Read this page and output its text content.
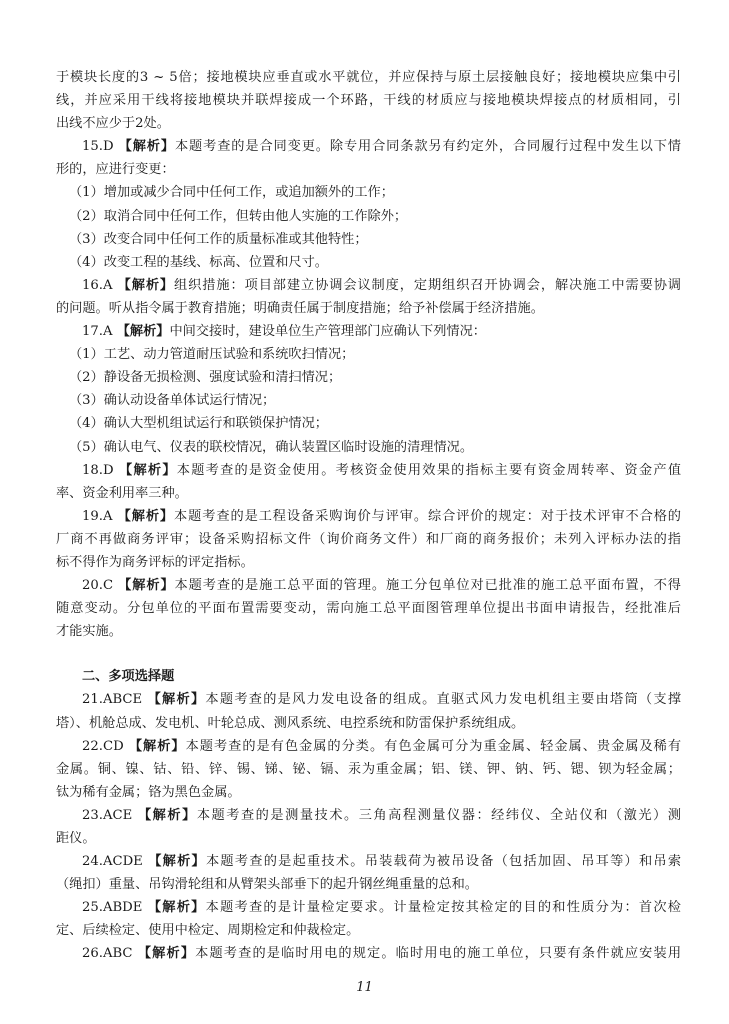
于模块长度的3 ~ 5倍；接地模块应垂直或水平就位，并应保持与原土层接触良好；接地模块应集中引
线，并应采用干线将接地模块并联焊接成一个环路，干线的材质应与接地模块焊接点的材质相同，引
出线不应少于2处。
15.D 【解析】本题考查的是合同变更。除专用合同条款另有约定外，合同履行过程中发生以下情
形的，应进行变更：
（1）增加或减少合同中任何工作，或追加额外的工作；
（2）取消合同中任何工作，但转由他人实施的工作除外；
（3）改变合同中任何工作的质量标准或其他特性；
（4）改变工程的基线、标高、位置和尺寸。
16.A 【解析】组织措施：项目部建立协调会议制度，定期组织召开协调会，解决施工中需要协调
的问题。听从指令属于教育措施；明确责任属于制度措施；给予补偿属于经济措施。
17.A 【解析】中间交接时，建设单位生产管理部门应确认下列情况：
（1）工艺、动力管道耐压试验和系统吹扫情况；
（2）静设备无损检测、强度试验和清扫情况；
（3）确认动设备单体试运行情况；
（4）确认大型机组试运行和联锁保护情况；
（5）确认电气、仪表的联校情况，确认装置区临时设施的清理情况。
18.D 【解析】本题考查的是资金使用。考核资金使用效果的指标主要有资金周转率、资金产值
率、资金利用率三种。
19.A 【解析】本题考查的是工程设备采购询价与评审。综合评价的规定：对于技术评审不合格的
厂商不再做商务评审；设备采购招标文件（询价商务文件）和厂商的商务报价；未列入评标办法的指
标不得作为商务评标的评定指标。
20.C 【解析】本题考查的是施工总平面的管理。施工分包单位对已批准的施工总平面布置，不得
随意变动。分包单位的平面布置需要变动，需向施工总平面图管理单位提出书面申请报告，经批准后
才能实施。
二、多项选择题
21.ABCE 【解析】本题考查的是风力发电设备的组成。直驱式风力发电机组主要由塔筒（支撑
塔）、机舱总成、发电机、叶轮总成、测风系统、电控系统和防雷保护系统组成。
22.CD 【解析】本题考查的是有色金属的分类。有色金属可分为重金属、轻金属、贵金属及稀有
金属。铜、镍、钴、铅、锌、锡、锑、铋、镉、汞为重金属；铝、镁、钾、钠、钙、锶、钡为轻金属；
钛为稀有金属；铬为黑色金属。
23.ACE 【解析】本题考查的是测量技术。三角高程测量仪器：经纬仪、全站仪和（激光）测
距仪。
24.ACDE 【解析】本题考查的是起重技术。吊装载荷为被吊设备（包括加固、吊耳等）和吊索
（绳扣）重量、吊钩滑轮组和从臂架头部垂下的起升钢丝绳重量的总和。
25.ABDE 【解析】本题考查的是计量检定要求。计量检定按其检定的目的和性质分为：首次检
定、后续检定、使用中检定、周期检定和仲裁检定。
26.ABC 【解析】本题考查的是临时用电的规定。临时用电的施工单位，只要有条件就应安装用
11
